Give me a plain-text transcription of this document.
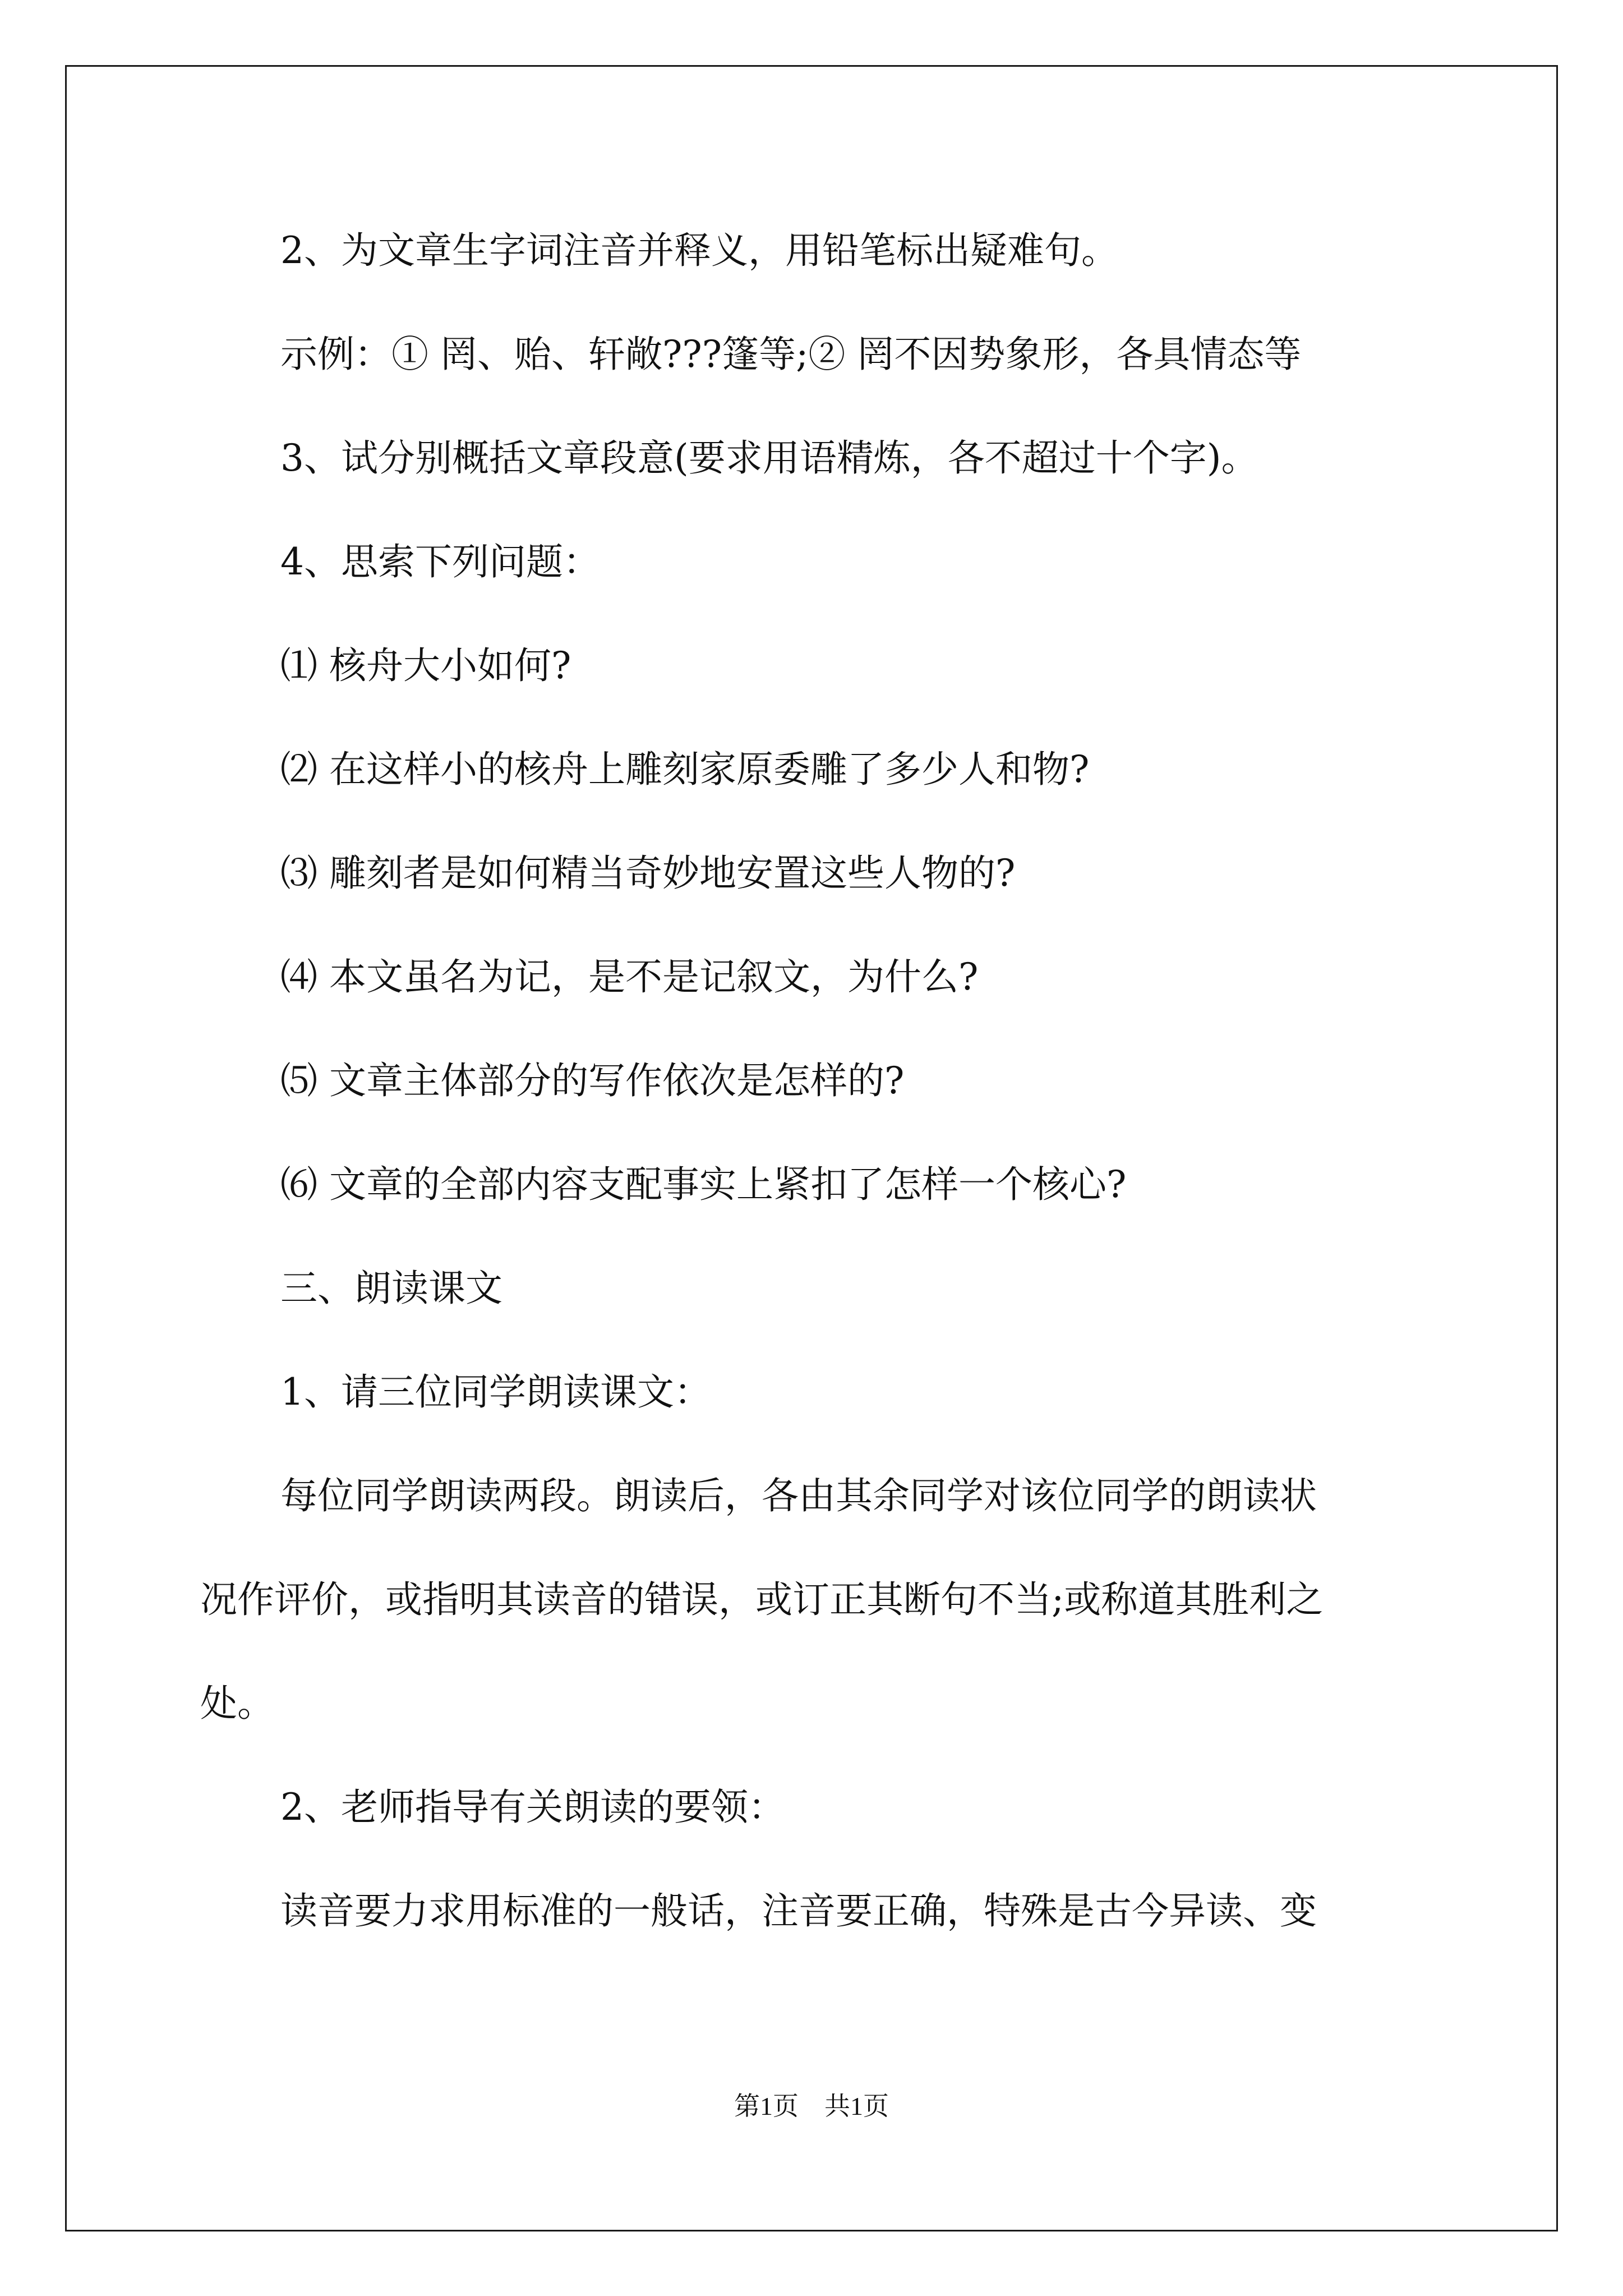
2、为文章生字词注音并释义，用铅笔标出疑难句。

示例：① 罔、贻、轩敞???篷等;② 罔不因势象形，各具情态等

3、试分别概括文章段意(要求用语精炼，各不超过十个字)。

4、思索下列问题：

⑴ 核舟大小如何?

⑵ 在这样小的核舟上雕刻家原委雕了多少人和物?

⑶ 雕刻者是如何精当奇妙地安置这些人物的?

⑷ 本文虽名为记，是不是记叙文，为什么?

⑸ 文章主体部分的写作依次是怎样的?

⑹ 文章的全部内容支配事实上紧扣了怎样一个核心?

三、朗读课文

1、请三位同学朗读课文：

每位同学朗读两段。朗读后，各由其余同学对该位同学的朗读状

况作评价，或指明其读音的错误，或订正其断句不当;或称道其胜利之

处。

2、老师指导有关朗读的要领：

读音要力求用标准的一般话，注音要正确，特殊是古今异读、变

第1页　共1页
